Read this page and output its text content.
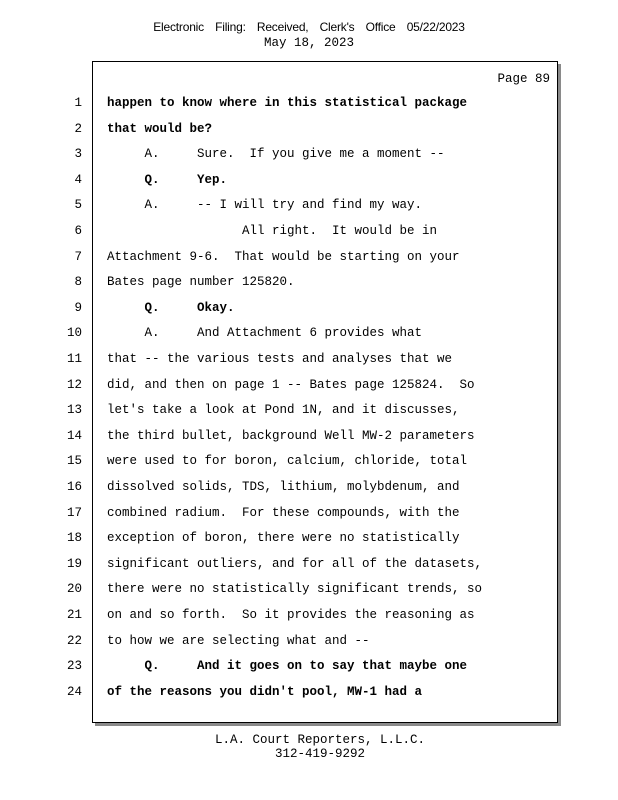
Electronic Filing: Received, Clerk's Office 05/22/2023
May 18, 2023
Page 89
1 happen to know where in this statistical package
2 that would be?
3 A.     Sure.  If you give me a moment --
4 Q.     Yep.
5 A.     -- I will try and find my way.
6 All right.  It would be in
7 Attachment 9-6.  That would be starting on your
8 Bates page number 125820.
9 Q.     Okay.
10 A.     And Attachment 6 provides what
11 that -- the various tests and analyses that we
12 did, and then on page 1 -- Bates page 125824.  So
13 let's take a look at Pond 1N, and it discusses,
14 the third bullet, background Well MW-2 parameters
15 were used to for boron, calcium, chloride, total
16 dissolved solids, TDS, lithium, molybdenum, and
17 combined radium.  For these compounds, with the
18 exception of boron, there were no statistically
19 significant outliers, and for all of the datasets,
20 there were no statistically significant trends, so
21 on and so forth.  So it provides the reasoning as
22 to how we are selecting what and --
23 Q.     And it goes on to say that maybe one
24 of the reasons you didn't pool, MW-1 had a
L.A. Court Reporters, L.L.C.
312-419-9292
